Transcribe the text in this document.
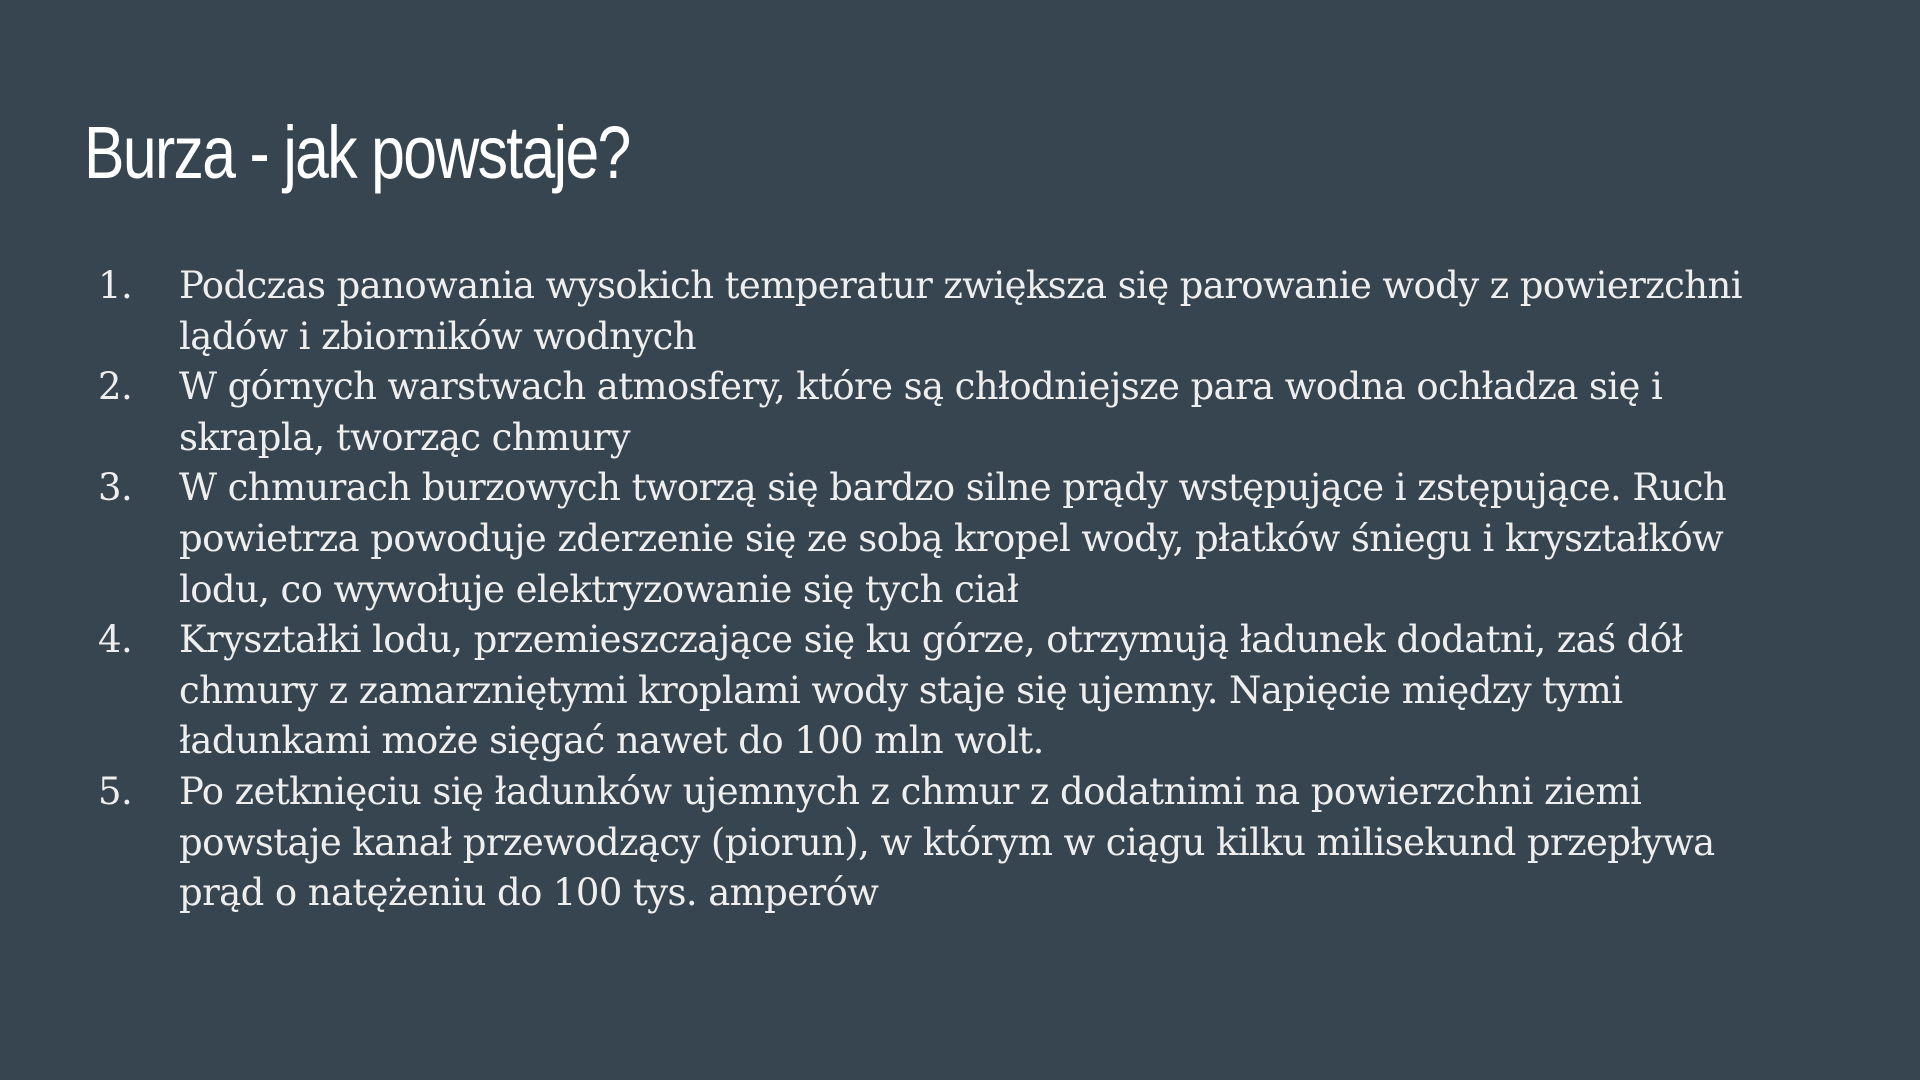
Burza - jak powstaje?
1.	Podczas panowania wysokich temperatur zwiększa się parowanie wody z powierzchni lądów i zbiorników wodnych
2.	W górnych warstwach atmosfery, które są chłodniejsze para wodna ochładza się i skrapla, tworząc chmury
3.	W chmurach burzowych tworzą się bardzo silne prądy wstępujące i zstępujące. Ruch powietrza powoduje zderzenie się ze sobą kropel wody, płatków śniegu i kryształków lodu, co wywołuje elektryzowanie się tych ciał
4.	Kryształki lodu, przemieszczające się ku górze, otrzymują ładunek dodatni, zaś dół chmury z zamarzniętymi kroplami wody staje się ujemny. Napięcie między tymi ładunkami może sięgać nawet do 100 mln wolt.
5.	Po zetknięciu się ładunków ujemnych z chmur z dodatnimi na powierzchni ziemi powstaje kanał przewodzący (piorun), w którym w ciągu kilku milisekund przepływa prąd o natężeniu do 100 tys. amperów
